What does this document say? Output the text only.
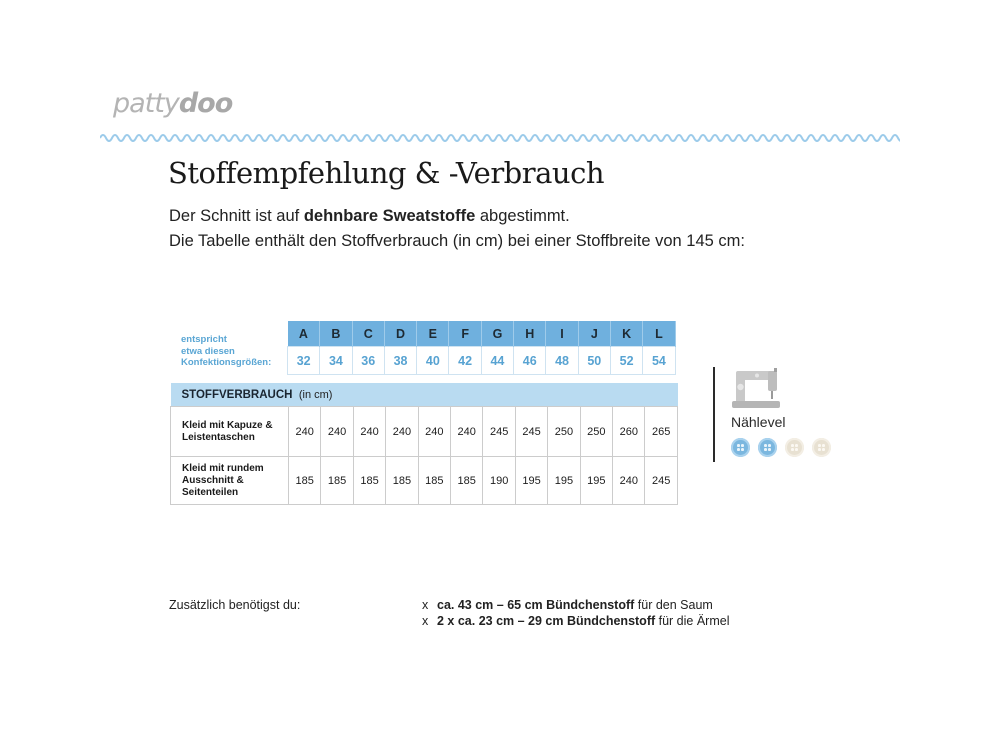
pattydoo
Stoffempfehlung & -Verbrauch
Der Schnitt ist auf dehnbare Sweatstoffe abgestimmt.
Die Tabelle enthält den Stoffverbrauch (in cm) bei einer Stoffbreite von 145 cm:
entspricht
etwa diesen
Konfektionsgrößen:
A	B	C	D	E	F	G	H	I	J	K	L
32	34	36	38	40	42	44	46	48	50	52	54
STOFFVERBRAUCH (in cm)												

Kleid mit Kapuze &
Leistentaschen	240	240	240	240	240	240	245	245	250	250	260	265

Kleid mit rundem
Ausschnitt &
Seitenteilen	185	185	185	185	185	185	190	195	195	195	240	245
Nählevel
Zusätzlich benötigst du:	x ca. 43 cm – 65 cm Bündchenstoff für den Saum
x 2 x ca. 23 cm – 29 cm Bündchenstoff für die Ärmel
